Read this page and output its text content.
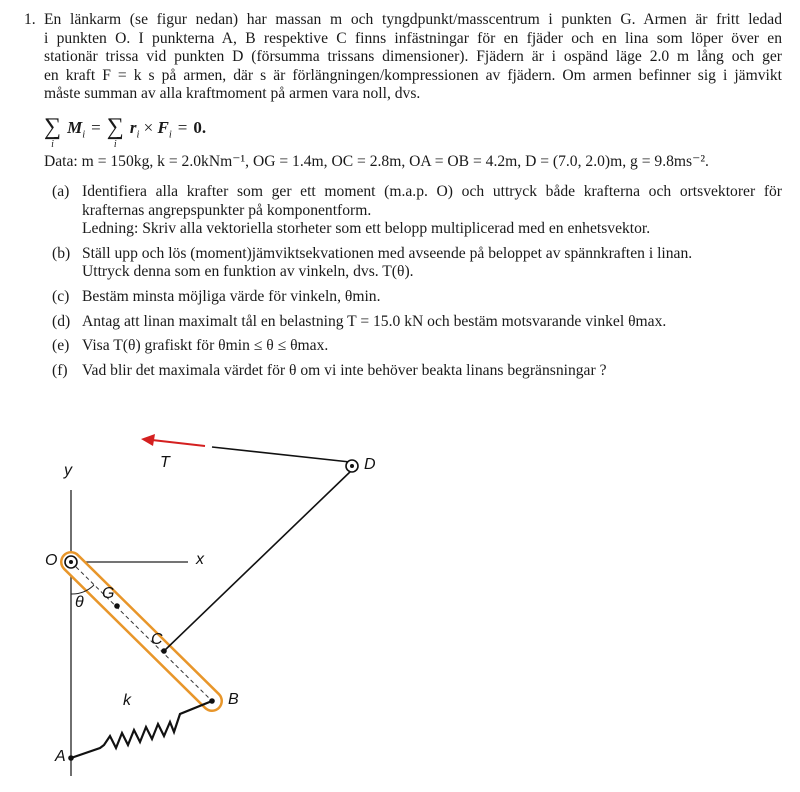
1. En länkarm (se figur nedan) har massan m och tyngdpunkt/masscentrum i punkten G. Armen är fritt ledad
i punkten O. I punkterna A, B respektive C finns infästningar för en fjäder och en lina som löper över en
stationär trissa vid punkten D (försumma trissans dimensioner). Fjädern är i ospänd läge 2.0 m lång och ger
en kraft F = k s på armen, där s är förlängningen/kompressionen av fjädern. Om armen befinner sig i jämvikt
måste summan av alla kraftmoment på armen vara noll, dvs.
∑
i
$M_i$ = ∑
i
$r_i \times F_i = 0$.
Data: m = 150kg, k = 2.0kNm⁻¹, OG = 1.4m, OC = 2.8m, OA = OB = 4.2m, D = (7.0, 2.0)m, g = 9.8ms⁻².
(a) Identifiera alla krafter som ger ett moment (m.a.p. O) och uttryck både krafterna och ortsvektorer för
krafternas angrepspunkter på komponentform.
Ledning: Skriv alla vektoriella storheter som ett belopp multiplicerad med en enhetsvektor.
(b) Ställ upp och lös (moment)jämviktsekvationen med avseende på beloppet av spännkraften i linan.
Uttryck denna som en funktion av vinkeln, dvs. T(θ).
(c) Bestäm minsta möjliga värde för vinkeln, θmin.
(d) Antag att linan maximalt tål en belastning T = 15.0 kN och bestäm motsvarande vinkel θmax.
(e) Visa T(θ) grafiskt för θmin ≤ θ ≤ θmax.
(f) Vad blir det maximala värdet för θ om vi inte behöver beakta linans begränsningar ?
y
x
O
D
T
θ
G
C
B
k
A
